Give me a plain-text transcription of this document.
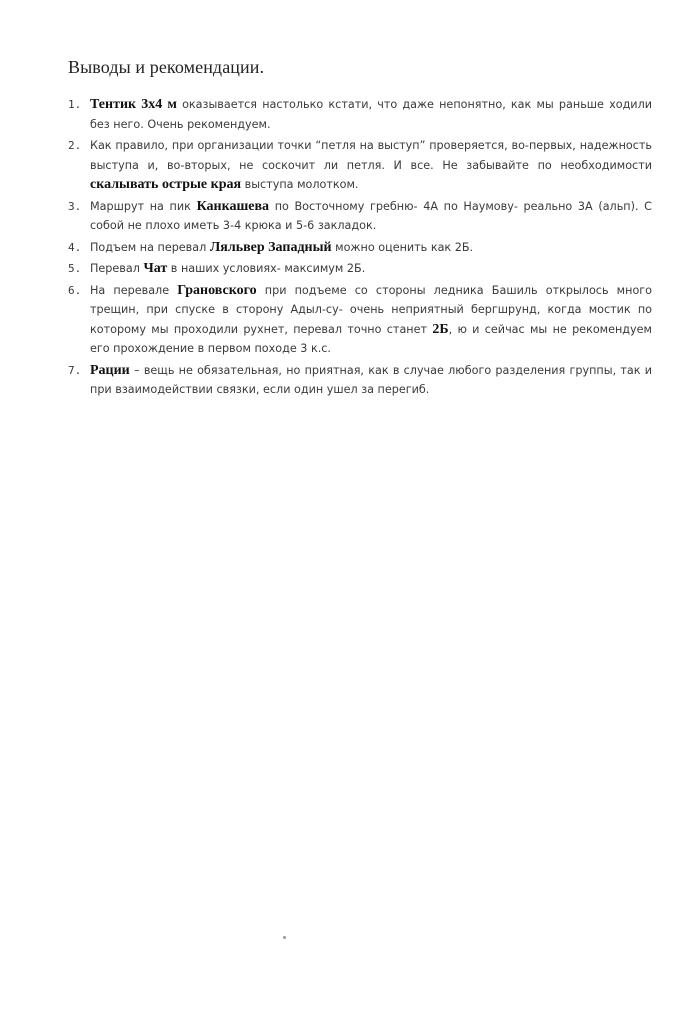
Выводы и рекомендации.
1. Тентик 3х4 м оказывается настолько кстати, что даже непонятно, как мы раньше ходили без него. Очень рекомендуем.
2. Как правило, при организации точки “петля на выступ” проверяется, во-первых, надежность выступа и, во-вторых, не соскочит ли петля. И все. Не забывайте по необходимости скалывать острые края выступа молотком.
3. Маршрут на пик Канкашева по Восточному гребню- 4А по Наумову- реально 3А (альп). С собой не плохо иметь 3-4 крюка и 5-6 закладок.
4. Подъем на перевал Ляльвер Западный можно оценить как 2Б.
5. Перевал Чат в наших условиях- максимум 2Б.
6. На перевале Грановского при подъеме со стороны ледника Башиль открылось много трещин, при спуске в сторону Адыл-су- очень неприятный бергшрунд, когда мостик по которому мы проходили рухнет, перевал точно станет 2Б, ю и сейчас мы не рекомендуем его прохождение в первом походе 3 к.с.
7. Рации – вещь не обязательная, но приятная, как в случае любого разделения группы, так и при взаимодействии связки, если один ушел за перегиб.
